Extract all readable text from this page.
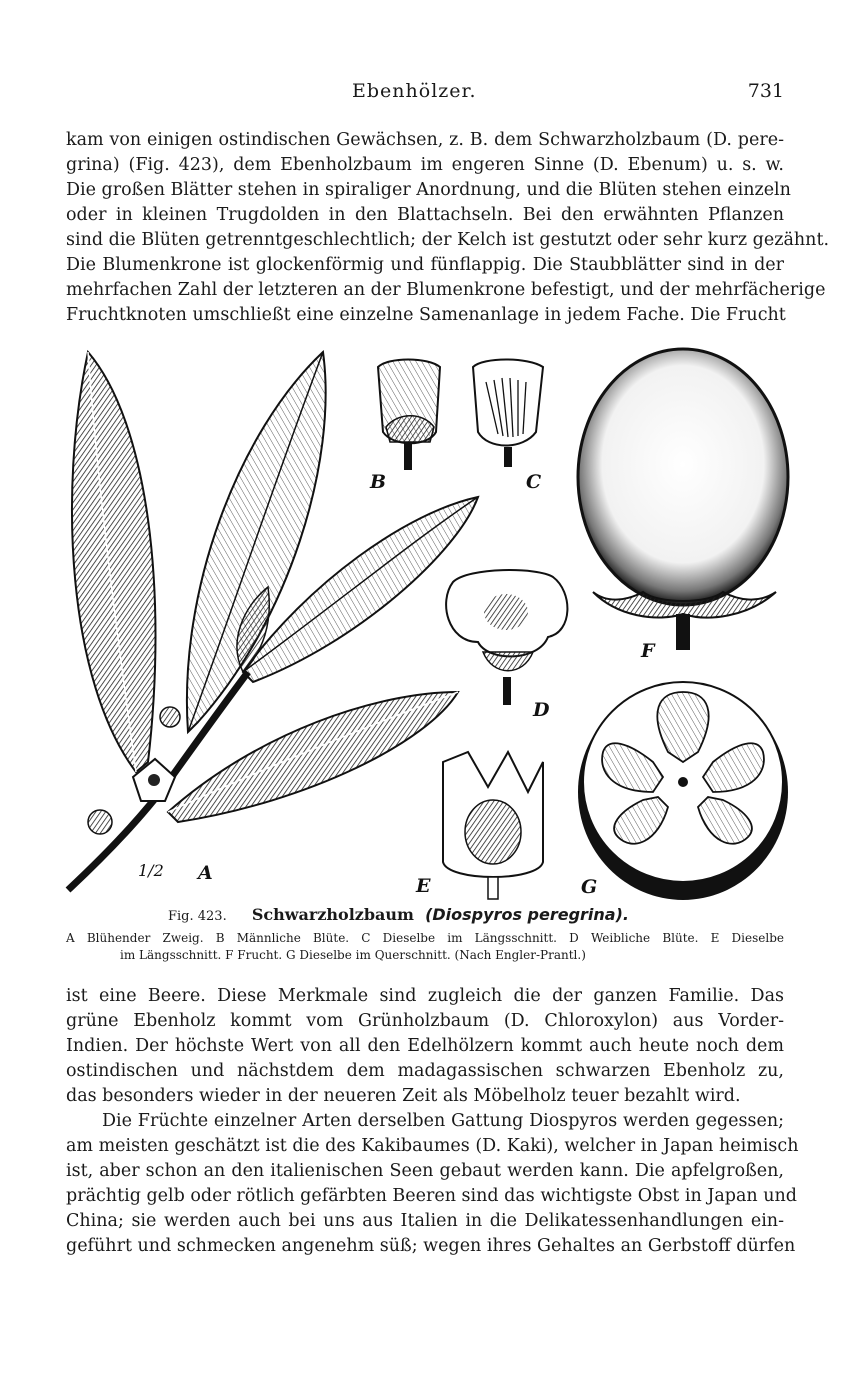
Ebenhölzer.	731
kam von einigen ostindischen Gewächsen, z. B. dem Schwarzholzbaum (D. pere-
grina) (Fig. 423), dem Ebenholzbaum im engeren Sinne (D. Ebenum) u. s. w.
Die großen Blätter stehen in spiraliger Anordnung, und die Blüten stehen einzeln
oder in kleinen Trugdolden in den Blattachseln. Bei den erwähnten Pflanzen
sind die Blüten getrenntgeschlechtlich; der Kelch ist gestutzt oder sehr kurz gezähnt.
Die Blumenkrone ist glockenförmig und fünflappig. Die Staubblätter sind in der
mehrfachen Zahl der letzteren an der Blumenkrone befestigt, und der mehrfächerige
Fruchtknoten umschließt eine einzelne Samenanlage in jedem Fache. Die Frucht
B	C
D
F
E	G
A
1/2
Fig. 423. Schwarzholzbaum (Diospyros peregrina).
A Blühender Zweig. B Männliche Blüte. C Dieselbe im Längsschnitt. D Weibliche Blüte. E Dieselbe
im Längsschnitt. F Frucht. G Dieselbe im Querschnitt. (Nach Engler-Prantl.)
ist eine Beere. Diese Merkmale sind zugleich die der ganzen Familie. Das
grüne Ebenholz kommt vom Grünholzbaum (D. Chloroxylon) aus Vorder-
Indien. Der höchste Wert von all den Edelhölzern kommt auch heute noch dem
ostindischen und nächstdem dem madagassischen schwarzen Ebenholz zu,
das besonders wieder in der neueren Zeit als Möbelholz teuer bezahlt wird.
Die Früchte einzelner Arten derselben Gattung Diospyros werden gegessen;
am meisten geschätzt ist die des Kakibaumes (D. Kaki), welcher in Japan heimisch
ist, aber schon an den italienischen Seen gebaut werden kann. Die apfelgroßen,
prächtig gelb oder rötlich gefärbten Beeren sind das wichtigste Obst in Japan und
China; sie werden auch bei uns aus Italien in die Delikatessenhandlungen ein-
geführt und schmecken angenehm süß; wegen ihres Gehaltes an Gerbstoff dürfen
